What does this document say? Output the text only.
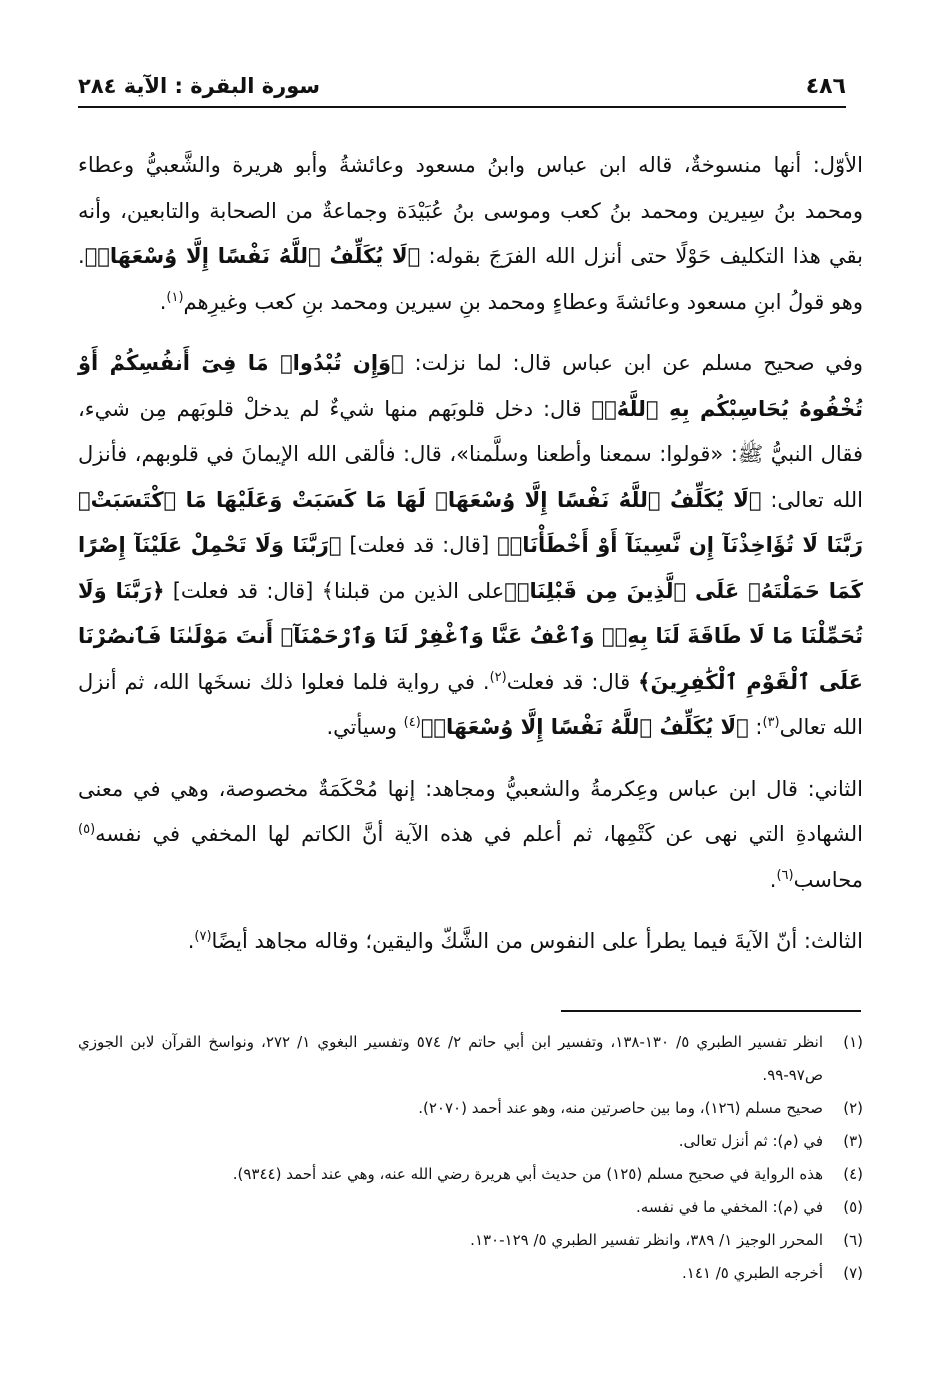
٤٨٦
سورة البقرة : الآية ٢٨٤

الأوّل: أنها منسوخةٌ، قاله ابن عباس وابنُ مسعود وعائشةُ وأبو هريرة والشَّعبيُّ وعطاء ومحمد بنُ سِيرين ومحمد بنُ كعب وموسى بنُ عُبَيْدَة وجماعةٌ من الصحابة والتابعين، وأنه بقي هذا التكليف حَوْلًا حتى أنزل الله الفرَجَ بقوله: ﴿لَا يُكَلِّفُ ٱللَّهُ نَفْسًا إِلَّا وُسْعَهَاۚ﴾. وهو قولُ ابنِ مسعود وعائشةَ وعطاءٍ ومحمد بنِ سيرين ومحمد بنِ كعب وغيرِهم$^{(١)}$.

وفي صحيح مسلم عن ابن عباس قال: لما نزلت: ﴿وَإِن تُبْدُوا۟ مَا فِىٓ أَنفُسِكُمْ أَوْ تُخْفُوهُ يُحَاسِبْكُم بِهِ ٱللَّهُۖ﴾ قال: دخل قلوبَهم منها شيءٌ لم يدخلْ قلوبَهم مِن شيء، فقال النبيُّ ﷺ: «قولوا: سمعنا وأطعنا وسلَّمنا»، قال: فألقى الله الإيمانَ في قلوبهم، فأنزل الله تعالى: ﴿لَا يُكَلِّفُ ٱللَّهُ نَفْسًا إِلَّا وُسْعَهَاۚ لَهَا مَا كَسَبَتْ وَعَلَيْهَا مَا ٱكْتَسَبَتْۗ رَبَّنَا لَا تُؤَاخِذْنَآ إِن نَّسِينَآ أَوْ أَخْطَأْنَاۚ﴾ [قال: قد فعلت] ﴿رَبَّنَا وَلَا تَحْمِلْ عَلَيْنَآ إِصْرًا كَمَا حَمَلْتَهُۥ عَلَى ٱلَّذِينَ مِن قَبْلِنَاۚ﴾على الذين من قبلنا﴾ [قال: قد فعلت] ﴿رَبَّنَا وَلَا تُحَمِّلْنَا مَا لَا طَاقَةَ لَنَا بِهِۦۖ وَٱعْفُ عَنَّا وَٱغْفِرْ لَنَا وَٱرْحَمْنَآۚ أَنتَ مَوْلَىٰنَا فَٱنصُرْنَا عَلَى ٱلْقَوْمِ ٱلْكَٰفِرِينَ﴾ قال: قد فعلت$^{(٢)}$. في رواية فلما فعلوا ذلك نسخَها الله، ثم أنزل الله تعالى$^{(٣)}$: ﴿لَا يُكَلِّفُ ٱللَّهُ نَفْسًا إِلَّا وُسْعَهَاۚ﴾$^{(٤)}$ وسيأتي.

الثاني: قال ابن عباس وعِكرمةُ والشعبيُّ ومجاهد: إنها مُحْكَمَةٌ مخصوصة، وهي في معنى الشهادةِ التي نهى عن كَتْمِها، ثم أعلم في هذه الآية أنَّ الكاتم لها المخفي في نفسه$^{(٥)}$ محاسب$^{(٦)}$.

الثالث: أنّ الآيةَ فيما يطرأ على النفوس من الشَّكّ واليقين؛ وقاله مجاهد أيضًا$^{(٧)}$.

(١)
انظر تفسير الطبري ٥/ ١٣٠-١٣٨، وتفسير ابن أبي حاتم ٢/ ٥٧٤ وتفسير البغوي ١/ ٢٧٢، ونواسخ القرآن لابن الجوزي ص٩٧-٩٩.
(٢)
صحيح مسلم (١٢٦)، وما بين حاصرتين منه، وهو عند أحمد (٢٠٧٠).
(٣)
في (م): ثم أنزل تعالى.
(٤)
هذه الرواية في صحيح مسلم (١٢٥) من حديث أبي هريرة رضي الله عنه، وهي عند أحمد (٩٣٤٤).
(٥)
في (م): المخفي ما في نفسه.
(٦)
المحرر الوجيز ١/ ٣٨٩، وانظر تفسير الطبري ٥/ ١٢٩-١٣٠.
(٧)
أخرجه الطبري ٥/ ١٤١.
